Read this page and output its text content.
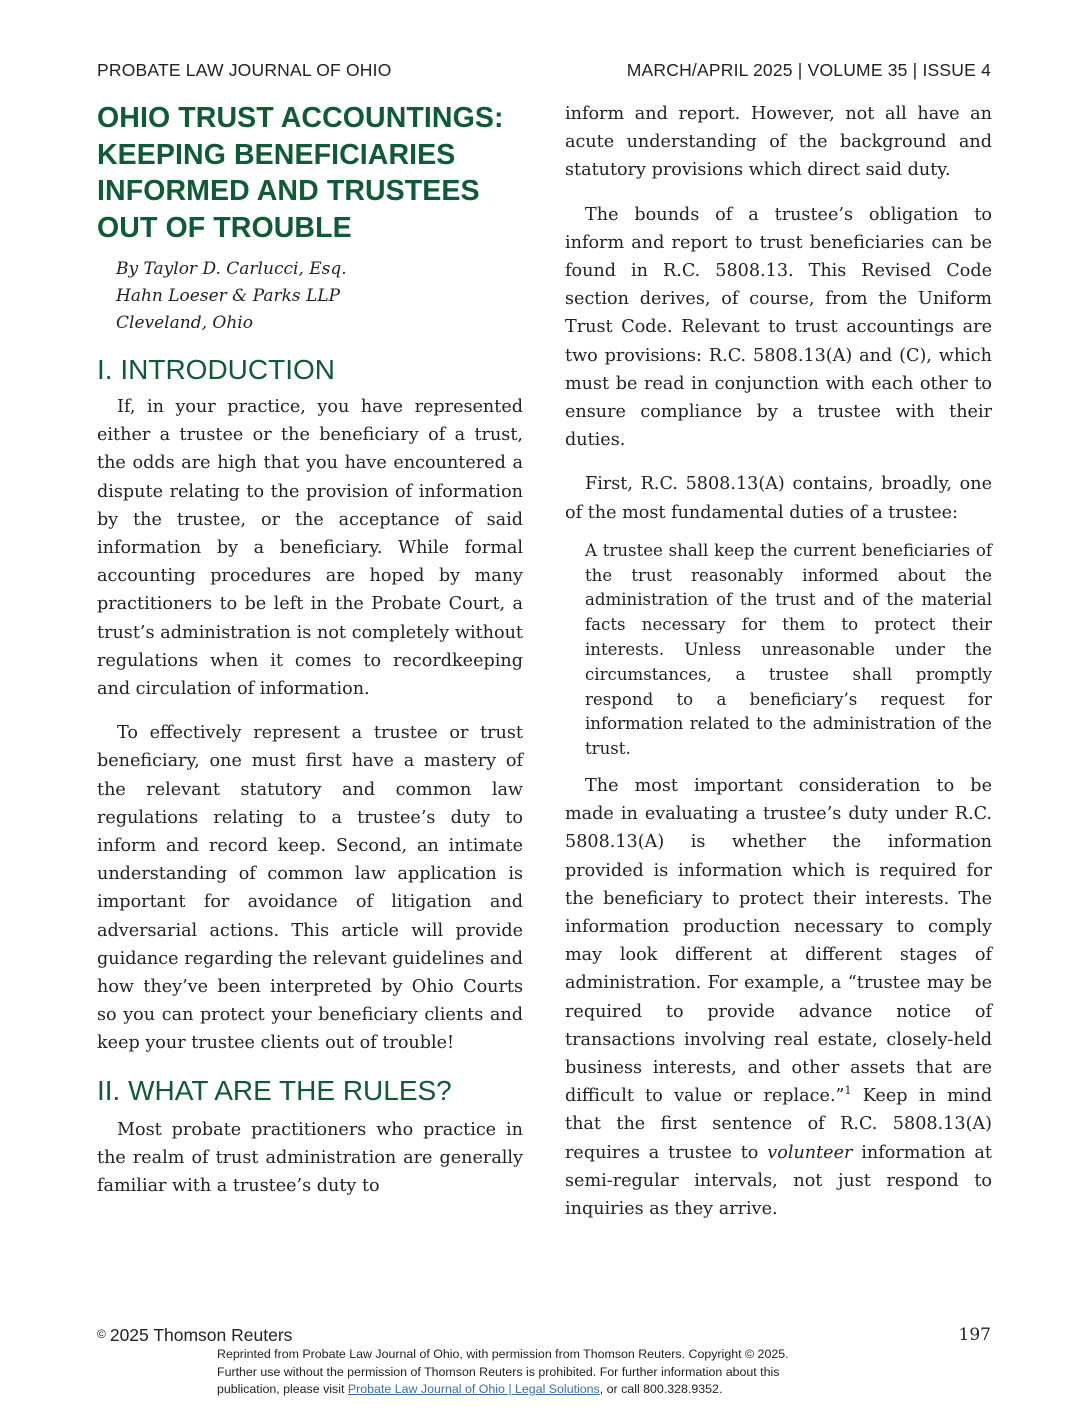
PROBATE LAW JOURNAL OF OHIO	MARCH/APRIL 2025 | VOLUME 35 | ISSUE 4
OHIO TRUST ACCOUNTINGS: KEEPING BENEFICIARIES INFORMED AND TRUSTEES OUT OF TROUBLE
By Taylor D. Carlucci, Esq.
Hahn Loeser & Parks LLP
Cleveland, Ohio
I. INTRODUCTION

If, in your practice, you have represented either a trustee or the beneficiary of a trust, the odds are high that you have encountered a dispute relating to the provision of information by the trustee, or the acceptance of said information by a beneficiary. While formal accounting procedures are hoped by many practitioners to be left in the Probate Court, a trust’s administration is not completely without regulations when it comes to recordkeeping and circulation of information.

To effectively represent a trustee or trust beneficiary, one must first have a mastery of the relevant statutory and common law regulations relating to a trustee’s duty to inform and record keep. Second, an intimate understanding of common law application is important for avoidance of litigation and adversarial actions. This article will provide guidance regarding the relevant guidelines and how they’ve been interpreted by Ohio Courts so you can protect your beneficiary clients and keep your trustee clients out of trouble!

II. WHAT ARE THE RULES?

Most probate practitioners who practice in the realm of trust administration are generally familiar with a trustee’s duty to

inform and report. However, not all have an acute understanding of the background and statutory provisions which direct said duty.

The bounds of a trustee’s obligation to inform and report to trust beneficiaries can be found in R.C. 5808.13. This Revised Code section derives, of course, from the Uniform Trust Code. Relevant to trust accountings are two provisions: R.C. 5808.13(A) and (C), which must be read in conjunction with each other to ensure compliance by a trustee with their duties.

First, R.C. 5808.13(A) contains, broadly, one of the most fundamental duties of a trustee:

A trustee shall keep the current beneficiaries of the trust reasonably informed about the administration of the trust and of the material facts necessary for them to protect their interests. Unless unreasonable under the circumstances, a trustee shall promptly respond to a beneficiary’s request for information related to the administration of the trust.

The most important consideration to be made in evaluating a trustee’s duty under R.C. 5808.13(A) is whether the information provided is information which is required for the beneficiary to protect their interests. The information production necessary to comply may look different at different stages of administration. For example, a “trustee may be required to provide advance notice of transactions involving real estate, closely-held business interests, and other assets that are difficult to value or replace.”$^1$ Keep in mind that the first sentence of R.C. 5808.13(A) requires a trustee to volunteer information at semi-regular intervals, not just respond to inquiries as they arrive.

© 2025 Thomson Reuters	197
Reprinted from Probate Law Journal of Ohio, with permission from Thomson Reuters. Copyright © 2025.
Further use without the permission of Thomson Reuters is prohibited. For further information about this
publication, please visit Probate Law Journal of Ohio | Legal Solutions, or call 800.328.9352.
